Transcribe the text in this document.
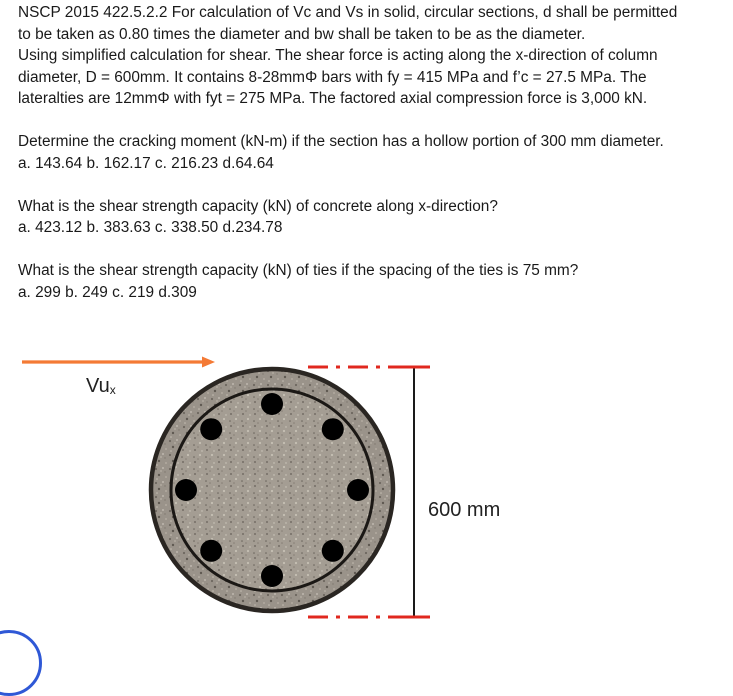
NSCP 2015 422.5.2.2 For calculation of Vc and Vs in solid, circular sections, d shall be permitted

to be taken as 0.80 times the diameter and bw shall be taken to be as the diameter.

Using simplified calculation for shear. The shear force is acting along the x-direction of column

diameter, D = 600mm. It contains 8-28mmΦ bars with fy = 415 MPa and f’c = 27.5 MPa. The

lateralties are 12mmΦ with fyt = 275 MPa. The factored axial compression force is 3,000 kN.

Determine the cracking moment (kN-m) if the section has a hollow portion of 300 mm diameter.

a. 143.64 b. 162.17 c. 216.23 d.64.64

What is the shear strength capacity (kN) of concrete along x-direction?

a. 423.12 b. 383.63 c. 338.50 d.234.78

What is the shear strength capacity (kN) of ties if the spacing of the ties is 75 mm?

a. 299 b. 249 c. 219 d.309

Vux
600 mm
